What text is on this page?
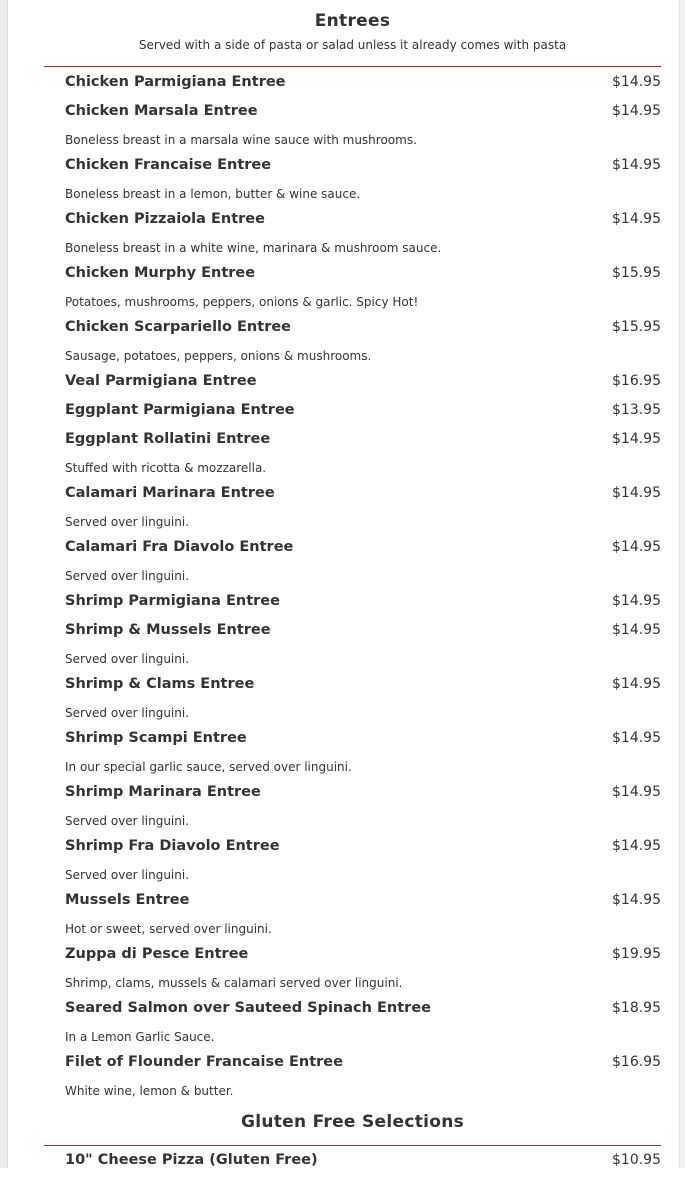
Entrees
Served with a side of pasta or salad unless it already comes with pasta
Chicken Parmigiana Entree	$14.95
Chicken Marsala Entree	$14.95
Boneless breast in a marsala wine sauce with mushrooms.
Chicken Francaise Entree	$14.95
Boneless breast in a lemon, butter & wine sauce.
Chicken Pizzaiola Entree	$14.95
Boneless breast in a white wine, marinara & mushroom sauce.
Chicken Murphy Entree	$15.95
Potatoes, mushrooms, peppers, onions & garlic. Spicy Hot!
Chicken Scarpariello Entree	$15.95
Sausage, potatoes, peppers, onions & mushrooms.
Veal Parmigiana Entree	$16.95
Eggplant Parmigiana Entree	$13.95
Eggplant Rollatini Entree	$14.95
Stuffed with ricotta & mozzarella.
Calamari Marinara Entree	$14.95
Served over linguini.
Calamari Fra Diavolo Entree	$14.95
Served over linguini.
Shrimp Parmigiana Entree	$14.95
Shrimp & Mussels Entree	$14.95
Served over linguini.
Shrimp & Clams Entree	$14.95
Served over linguini.
Shrimp Scampi Entree	$14.95
In our special garlic sauce, served over linguini.
Shrimp Marinara Entree	$14.95
Served over linguini.
Shrimp Fra Diavolo Entree	$14.95
Served over linguini.
Mussels Entree	$14.95
Hot or sweet, served over linguini.
Zuppa di Pesce Entree	$19.95
Shrimp, clams, mussels & calamari served over linguini.
Seared Salmon over Sauteed Spinach Entree	$18.95
In a Lemon Garlic Sauce.
Filet of Flounder Francaise Entree	$16.95
White wine, lemon & butter.
Gluten Free Selections
10" Cheese Pizza (Gluten Free)	$10.95
